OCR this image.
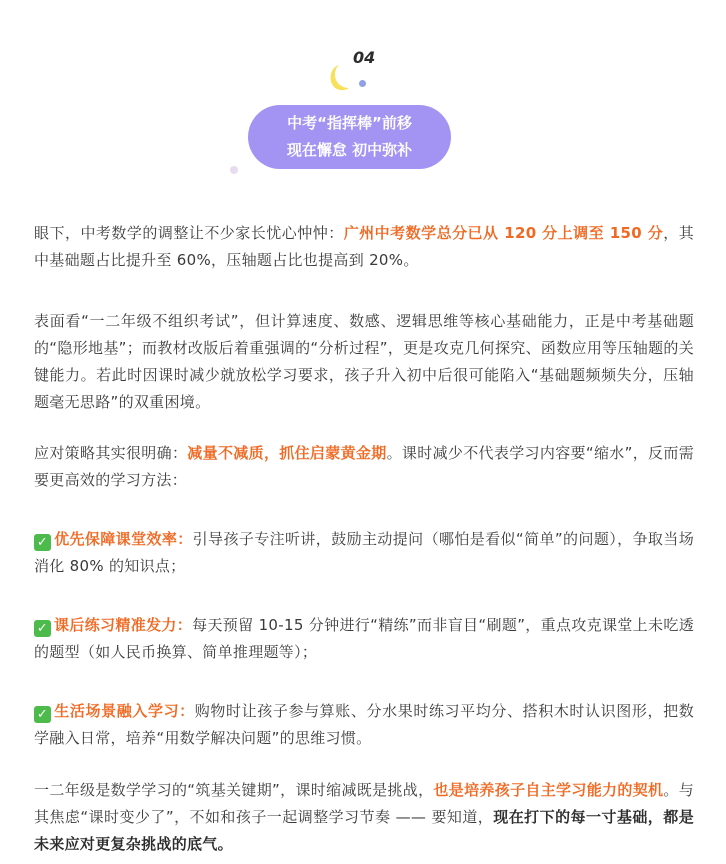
04
中考“指挥棒”前移
现在懈怠 初中弥补

眼下，中考数学的调整让不少家长忧心忡忡：广州中考数学总分已从 120 分上调至 150 分，其中基础题占比提升至 60%，压轴题占比也提高到 20%。

表面看“一二年级不组织考试”，但计算速度、数感、逻辑思维等核心基础能力，正是中考基础题的“隐形地基”；而教材改版后着重强调的“分析过程”，更是攻克几何探究、函数应用等压轴题的关键能力。若此时因课时减少就放松学习要求，孩子升入初中后很可能陷入“基础题频频失分，压轴题毫无思路”的双重困境。

应对策略其实很明确：减量不减质，抓住启蒙黄金期。课时减少不代表学习内容要“缩水”，反而需要更高效的学习方法：

✓ 优先保障课堂效率：引导孩子专注听讲，鼓励主动提问（哪怕是看似“简单”的问题），争取当场消化 80% 的知识点；

✓ 课后练习精准发力：每天预留 10-15 分钟进行“精练”而非盲目“刷题”，重点攻克课堂上未吃透的题型（如人民币换算、简单推理题等）；

✓ 生活场景融入学习：购物时让孩子参与算账、分水果时练习平均分、搭积木时认识图形，把数学融入日常，培养“用数学解决问题”的思维习惯。

一二年级是数学学习的“筑基关键期”，课时缩减既是挑战，也是培养孩子自主学习能力的契机。与其焦虑“课时变少了”，不如和孩子一起调整学习节奏 —— 要知道，现在打下的每一寸基础，都是未来应对更复杂挑战的底气。
